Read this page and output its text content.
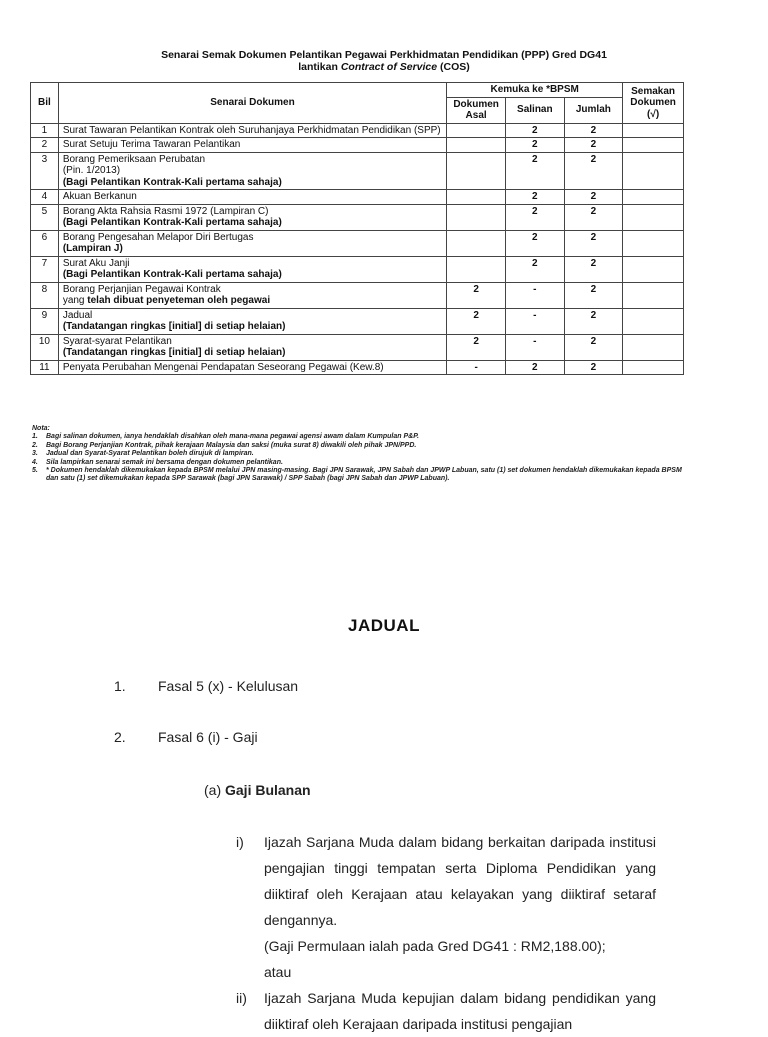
Senarai Semak Dokumen Pelantikan Pegawai Perkhidmatan Pendidikan (PPP) Gred DG41
lantikan Contract of Service (COS)
Bil	Senarai Dokumen	Kemuka ke *BPSM			Semakan Dokumen (√)
		Dokumen Asal	Salinan	Jumlah	
1	Surat Tawaran Pelantikan Kontrak oleh Suruhanjaya Perkhidmatan Pendidikan (SPP)		2	2	
2	Surat Setuju Terima Tawaran Pelantikan		2	2	
3	Borang Pemeriksaan Perubatan
(Pin. 1/2013)
(Bagi Pelantikan Kontrak-Kali pertama sahaja)		2	2	
4	Akuan Berkanun		2	2	
5	Borang Akta Rahsia Rasmi 1972 (Lampiran C)
(Bagi Pelantikan Kontrak-Kali pertama sahaja)		2	2	
6	Borang Pengesahan Melapor Diri Bertugas
(Lampiran J)		2	2	
7	Surat Aku Janji
(Bagi Pelantikan Kontrak-Kali pertama sahaja)		2	2	
8	Borang Perjanjian Pegawai Kontrak
yang telah dibuat penyeteman oleh pegawai	2	-	2	
9	Jadual
(Tandatangan ringkas [initial] di setiap helaian)	2	-	2	
10	Syarat-syarat Pelantikan
(Tandatangan ringkas [initial] di setiap helaian)	2	-	2	
11	Penyata Perubahan Mengenai Pendapatan Seseorang Pegawai (Kew.8)	-	2	2	
Nota:
1.	Bagi salinan dokumen, ianya hendaklah disahkan oleh mana-mana pegawai agensi awam dalam Kumpulan P&P.
2.	Bagi Borang Perjanjian Kontrak, pihak kerajaan Malaysia dan saksi (muka surat 8) diwakili oleh pihak JPN/PPD.
3.	Jadual dan Syarat-Syarat Pelantikan boleh dirujuk di lampiran.
4.	Sila lampirkan senarai semak ini bersama dengan dokumen pelantikan.
5.	* Dokumen hendaklah dikemukakan kepada BPSM melalui JPN masing-masing. Bagi JPN Sarawak, JPN Sabah dan JPWP Labuan, satu (1) set dokumen hendaklah dikemukakan kepada BPSM dan satu (1) set dikemukakan kepada SPP Sarawak (bagi JPN Sarawak) / SPP Sabah (bagi JPN Sabah dan JPWP Labuan).
JADUAL
1. Fasal 5 (x) - Kelulusan
2. Fasal 6 (i) - Gaji
(a) Gaji Bulanan
i) Ijazah Sarjana Muda dalam bidang berkaitan daripada institusi pengajian tinggi tempatan serta Diploma Pendidikan yang diiktiraf oleh Kerajaan atau kelayakan yang diiktiraf setaraf dengannya.
(Gaji Permulaan ialah pada Gred DG41 : RM2,188.00);
atau
ii) Ijazah Sarjana Muda kepujian dalam bidang pendidikan yang diiktiraf oleh Kerajaan daripada institusi pengajian
